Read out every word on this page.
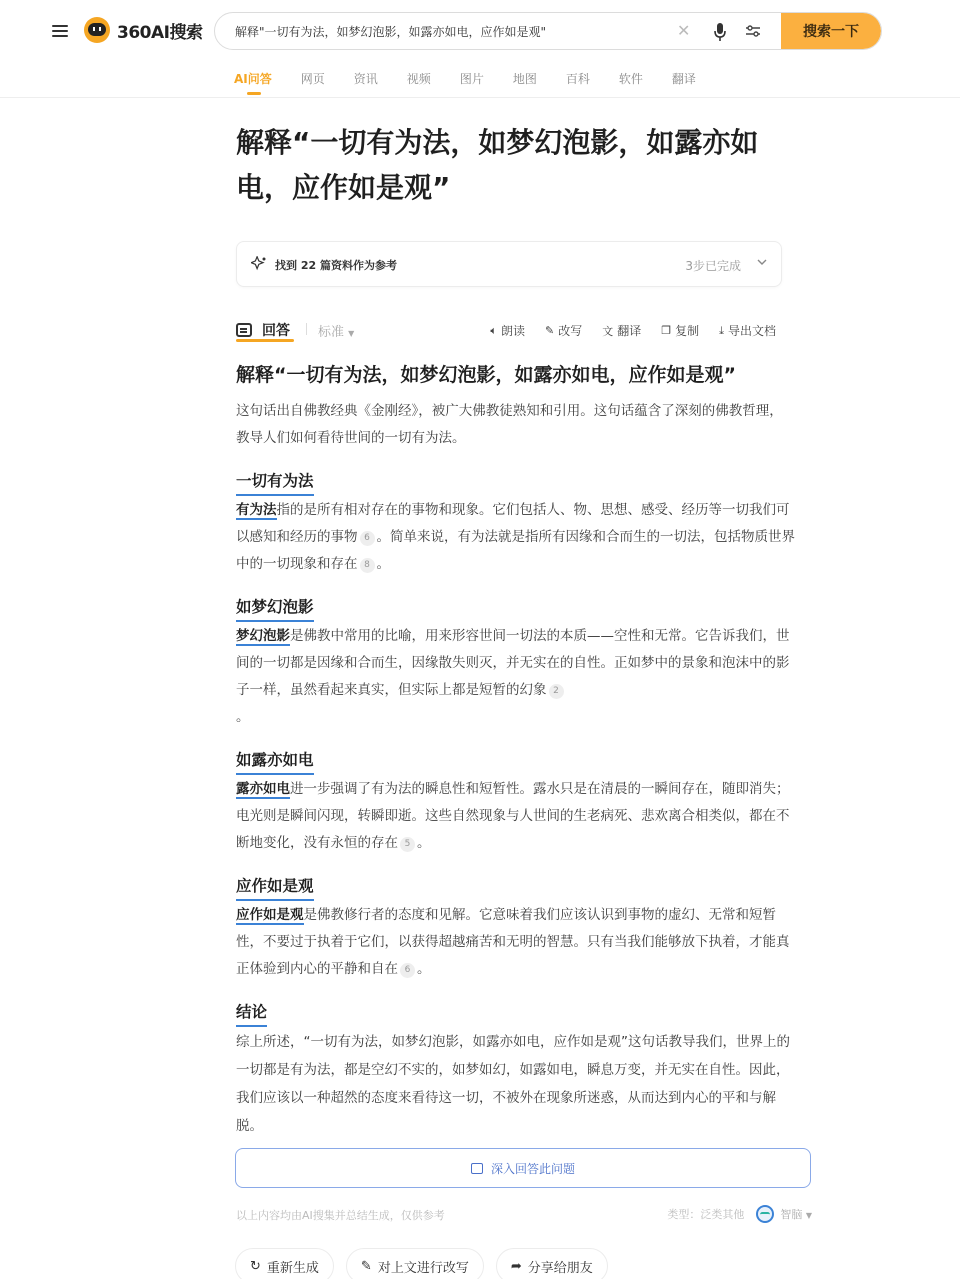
360AI搜索
解释"一切有为法，如梦幻泡影，如露亦如电，应作如是观"	✕	搜索一下
AI问答 网页 资讯 视频 图片 地图 百科 软件 翻译
解释“一切有为法，如梦幻泡影，如露亦如电，应作如是观”
找到 22 篇资料作为参考	3步已完成
回答 标准 ▼	🔈︎ 朗读 ✎ 改写 文 翻译 ❐ 复制 ⤓ 导出文档
解释“一切有为法，如梦幻泡影，如露亦如电，应作如是观”

这句话出自佛教经典《金刚经》，被广大佛教徒熟知和引用。这句话蕴含了深刻的佛教哲理，教导人们如何看待世间的一切有为法。

一切有为法

有为法指的是所有相对存在的事物和现象。它们包括人、物、思想、感受、经历等一切我们可以感知和经历的事物 6 。简单来说，有为法就是指所有因缘和合而生的一切法，包括物质世界中的一切现象和存在 8 。

如梦幻泡影

梦幻泡影是佛教中常用的比喻，用来形容世间一切法的本质——空性和无常。它告诉我们，世间的一切都是因缘和合而生，因缘散失则灭，并无实在的自性。正如梦中的景象和泡沫中的影子一样，虽然看起来真实，但实际上都是短暂的幻象 2
。

如露亦如电

露亦如电进一步强调了有为法的瞬息性和短暂性。露水只是在清晨的一瞬间存在，随即消失；电光则是瞬间闪现，转瞬即逝。这些自然现象与人世间的生老病死、悲欢离合相类似，都在不断地变化，没有永恒的存在 5 。

应作如是观

应作如是观是佛教修行者的态度和见解。它意味着我们应该认识到事物的虚幻、无常和短暂性，不要过于执着于它们，以获得超越痛苦和无明的智慧。只有当我们能够放下执着，才能真正体验到内心的平静和自在 6 。

结论

综上所述，“一切有为法，如梦幻泡影，如露亦如电，应作如是观”这句话教导我们，世界上的一切都是有为法，都是空幻不实的，如梦如幻，如露如电，瞬息万变，并无实在自性。因此，我们应该以一种超然的态度来看待这一切，不被外在现象所迷惑，从而达到内心的平和与解脱。

深入回答此问题
以上内容均由AI搜集并总结生成，仅供参考	类型：泛类其他	智脑 ▼
↻ 重新生成	✎ 对上文进行改写	➦ 分享给朋友
